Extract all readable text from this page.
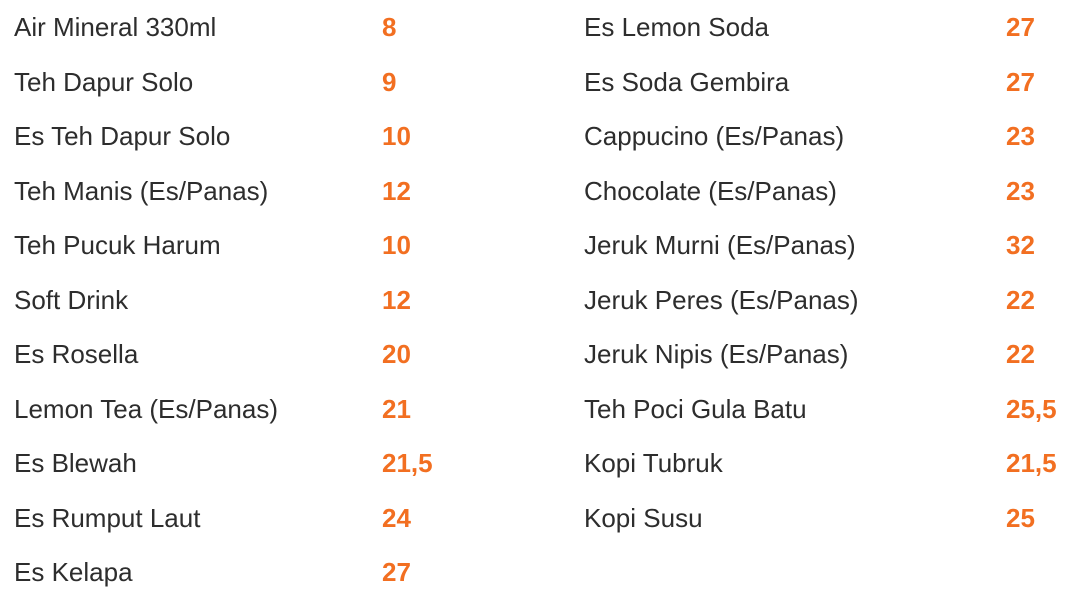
Air Mineral 330ml	8
Teh Dapur Solo	9
Es Teh Dapur Solo	10
Teh Manis (Es/Panas)	12
Teh Pucuk Harum	10
Soft Drink	12
Es Rosella	20
Lemon Tea (Es/Panas)	21
Es Blewah	21,5
Es Rumput Laut	24
Es Kelapa	27
Es Lemon Soda	27
Es Soda Gembira	27
Cappucino (Es/Panas)	23
Chocolate (Es/Panas)	23
Jeruk Murni (Es/Panas)	32
Jeruk Peres (Es/Panas)	22
Jeruk Nipis (Es/Panas)	22
Teh Poci Gula Batu	25,5
Kopi Tubruk	21,5
Kopi Susu	25
